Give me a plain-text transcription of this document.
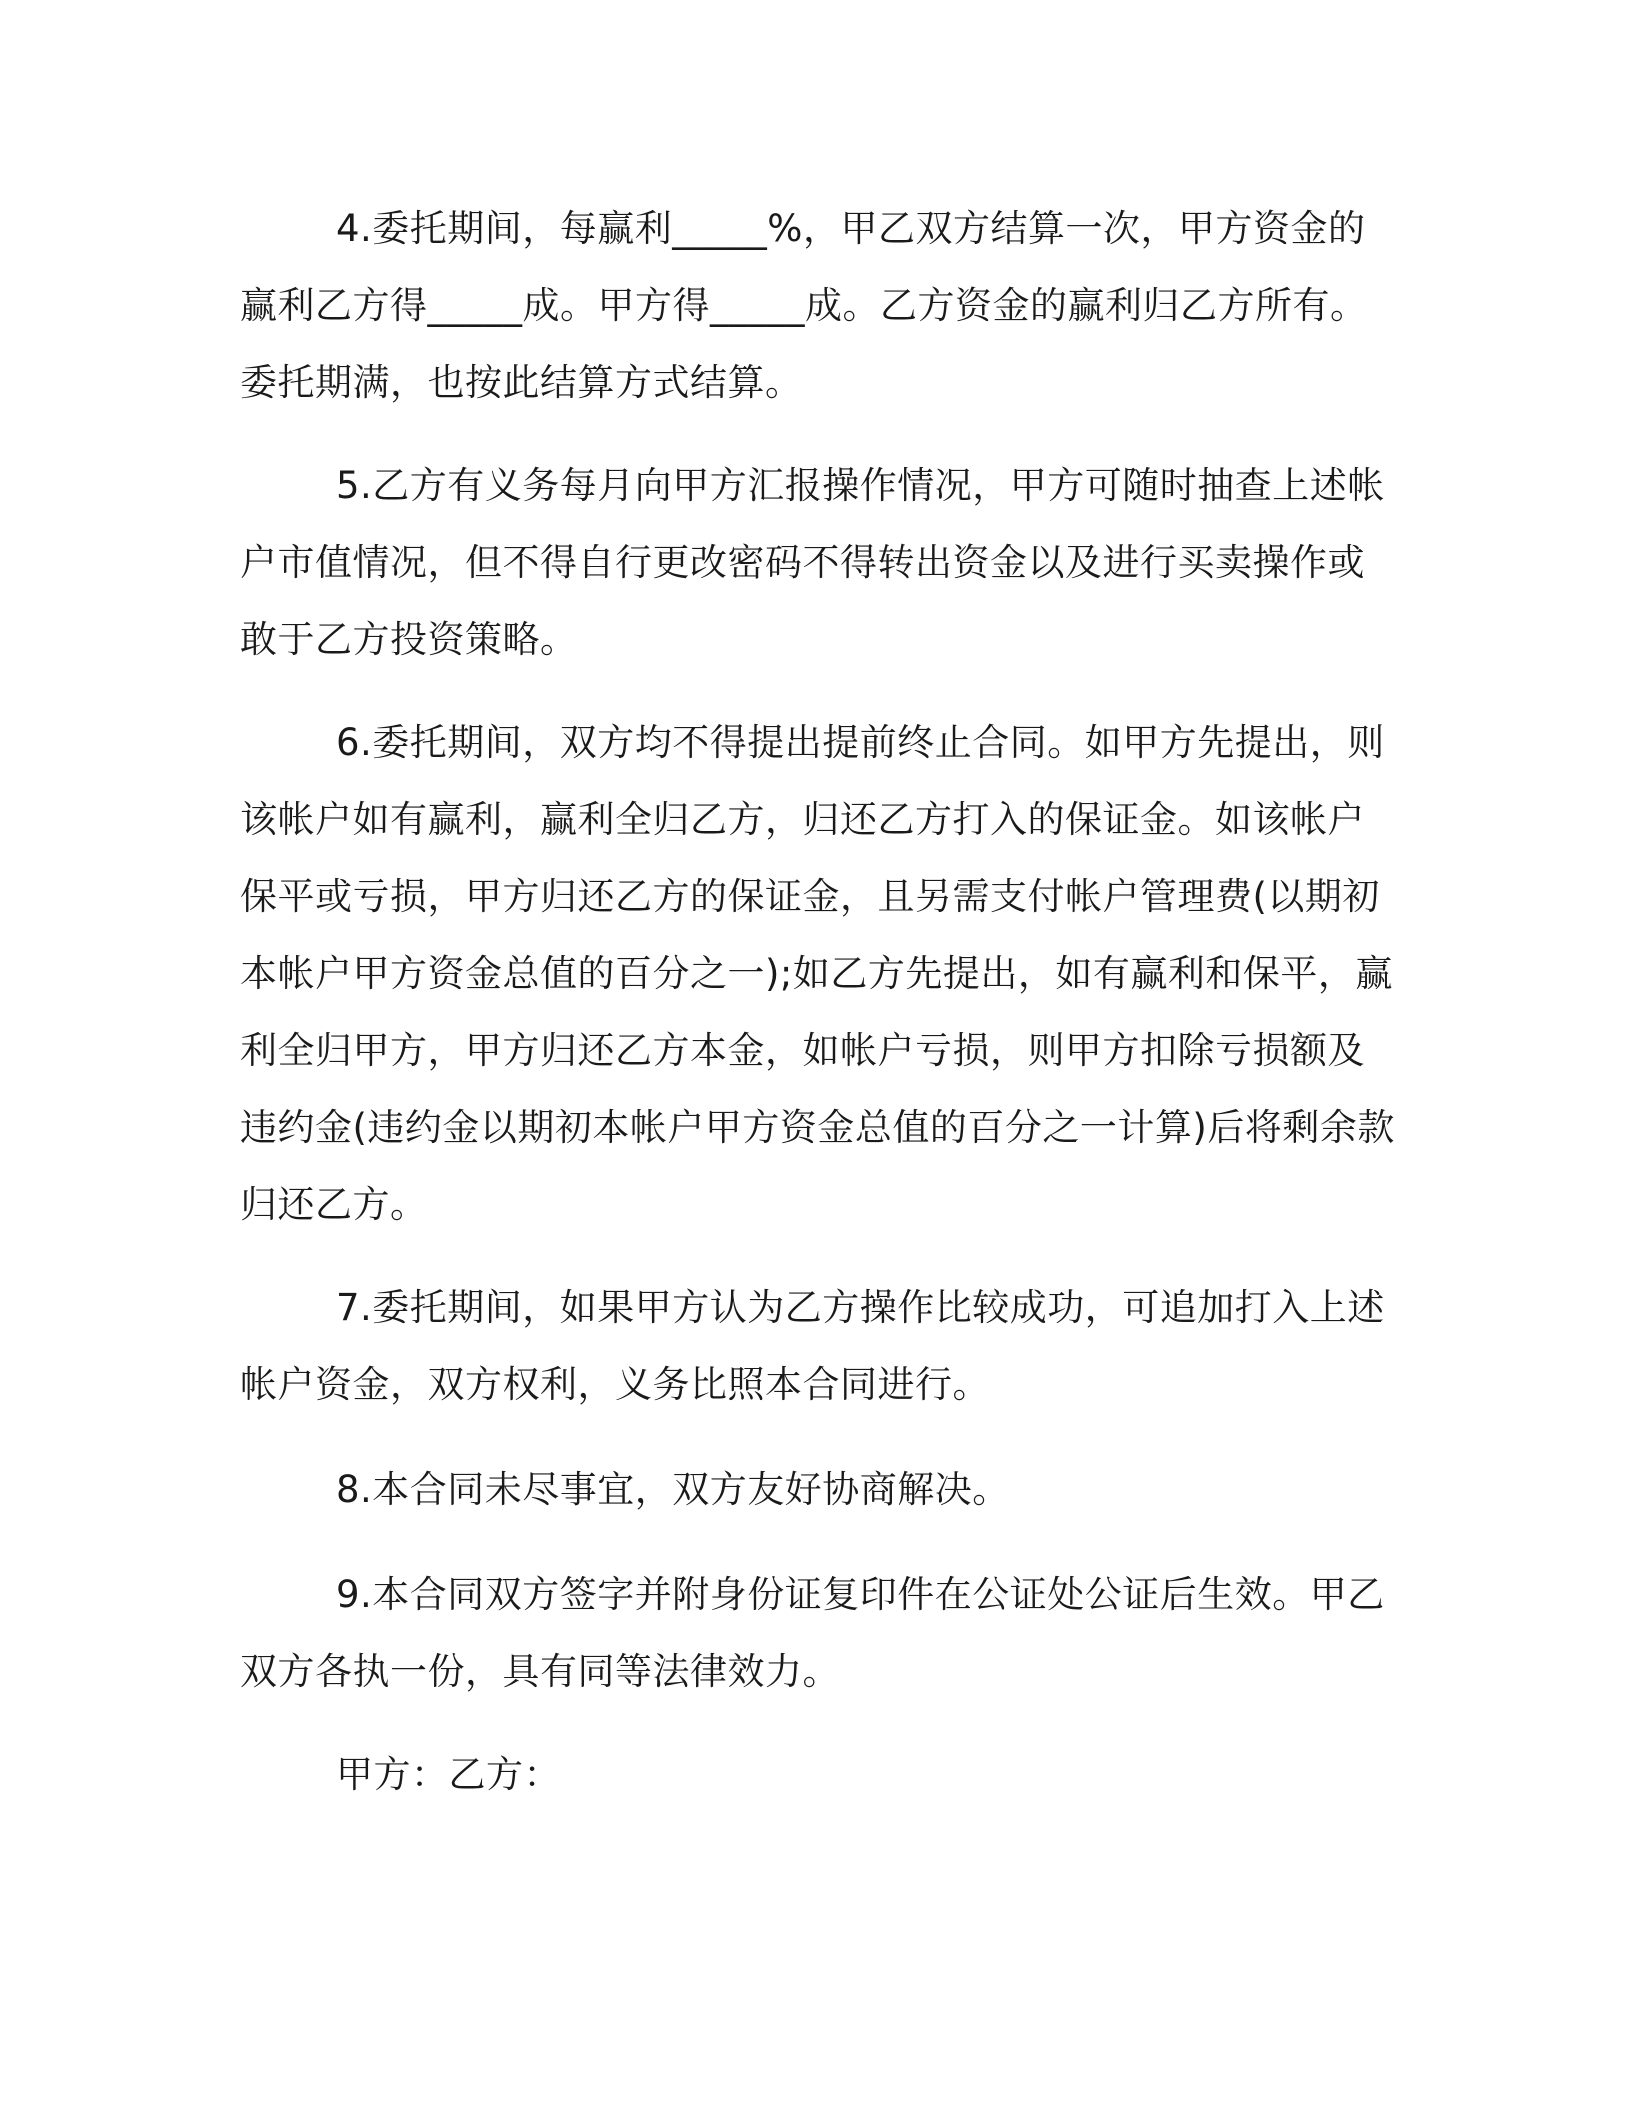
4.委托期间，每赢利_____%，甲乙双方结算一次，甲方资金的
赢利乙方得_____成。甲方得_____成。乙方资金的赢利归乙方所有。
委托期满，也按此结算方式结算。
5.乙方有义务每月向甲方汇报操作情况，甲方可随时抽查上述帐
户市值情况，但不得自行更改密码不得转出资金以及进行买卖操作或
敢于乙方投资策略。
6.委托期间，双方均不得提出提前终止合同。如甲方先提出，则
该帐户如有赢利，赢利全归乙方，归还乙方打入的保证金。如该帐户
保平或亏损，甲方归还乙方的保证金，且另需支付帐户管理费(以期初
本帐户甲方资金总值的百分之一);如乙方先提出，如有赢利和保平，赢
利全归甲方，甲方归还乙方本金，如帐户亏损，则甲方扣除亏损额及
违约金(违约金以期初本帐户甲方资金总值的百分之一计算)后将剩余款
归还乙方。
7.委托期间，如果甲方认为乙方操作比较成功，可追加打入上述
帐户资金，双方权利，义务比照本合同进行。
8.本合同未尽事宜，双方友好协商解决。
9.本合同双方签字并附身份证复印件在公证处公证后生效。甲乙
双方各执一份，具有同等法律效力。
甲方：乙方：
